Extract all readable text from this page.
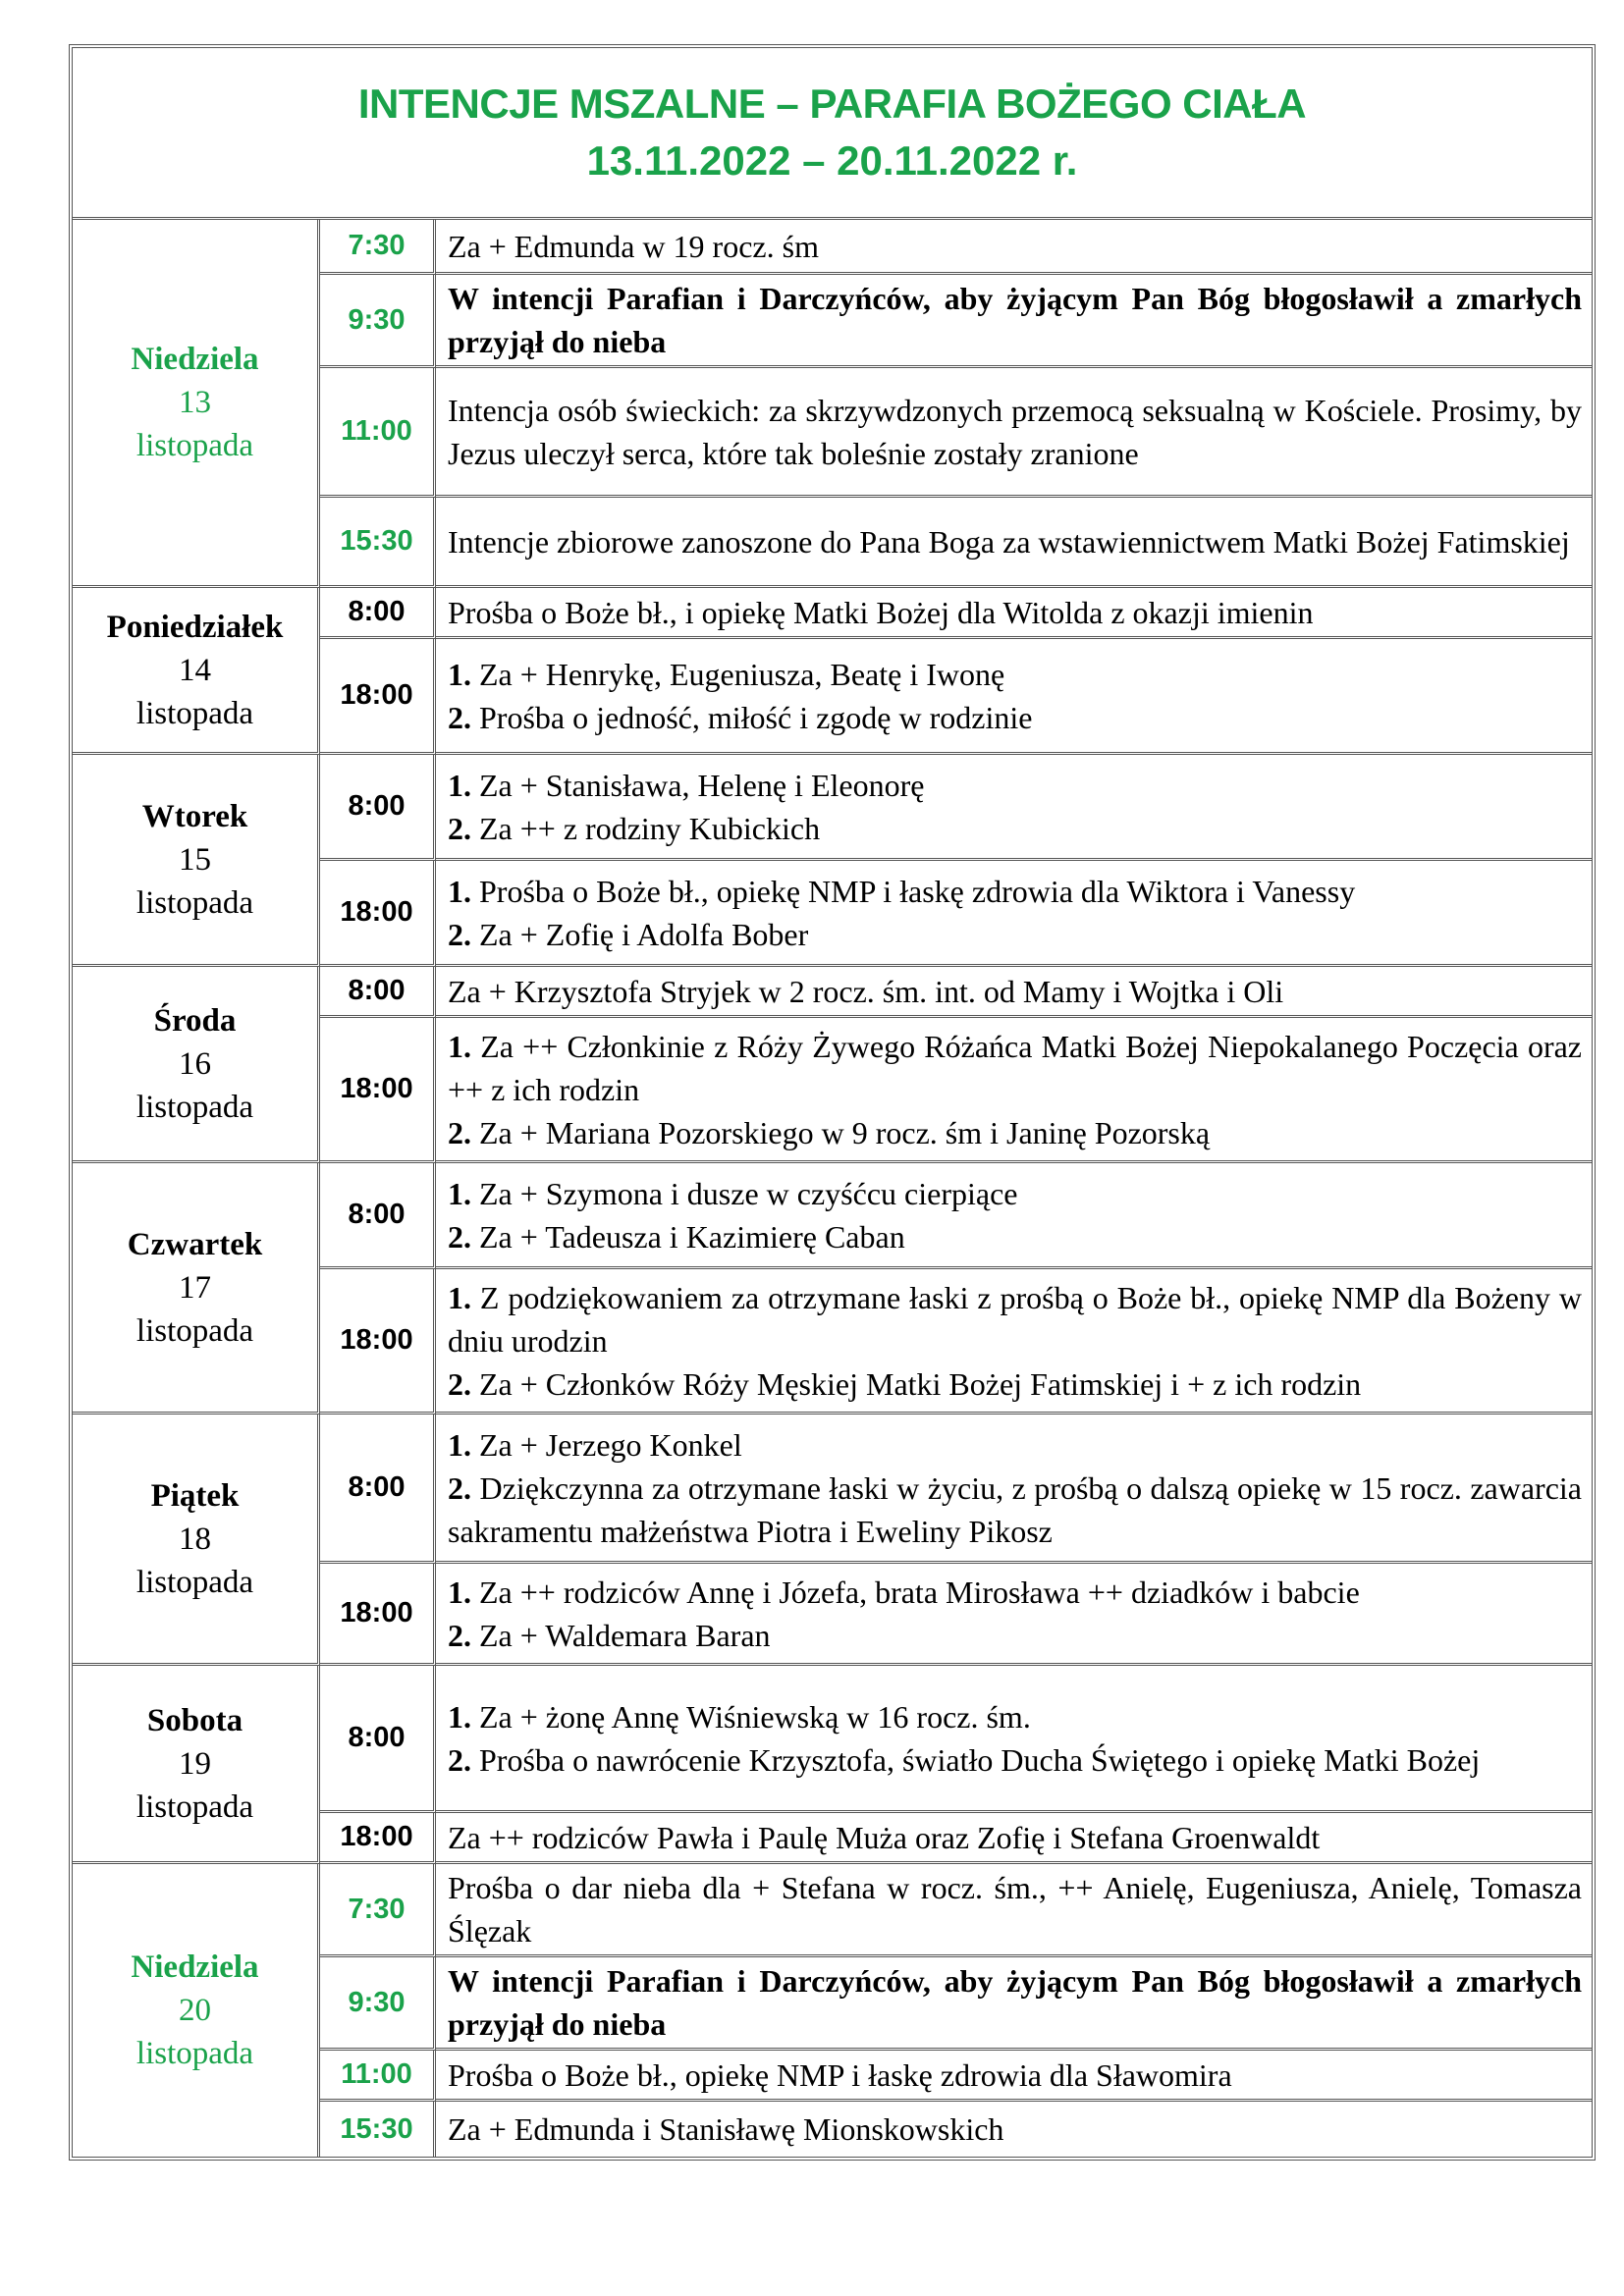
INTENCJE MSZALNE – PARAFIA BOŻEGO CIAŁA
13.11.2022 – 20.11.2022 r.
Niedziela
13
listopada	7:30	Za + Edmunda w 19 rocz. śm

	9:30	W intencji Parafian i Darczyńców, aby żyjącym Pan Bóg błogosławił a zmarłych przyjął do nieba

	11:00	Intencja osób świeckich: za skrzywdzonych przemocą seksualną w Kościele. Prosimy, by Jezus uleczył serca, które tak boleśnie zostały zranione

	15:30	Intencje zbiorowe zanoszone do Pana Boga za wstawiennictwem Matki Bożej Fatimskiej

Poniedziałek
14
listopada	8:00	Prośba o Boże bł., i opiekę Matki Bożej dla Witolda z okazji imienin

	18:00	1. Za + Henrykę, Eugeniusza, Beatę i Iwonę
2. Prośba o jedność, miłość i zgodę w rodzinie

Wtorek
15
listopada	8:00	1. Za + Stanisława, Helenę i Eleonorę
2. Za ++ z rodziny Kubickich

	18:00	1. Prośba o Boże bł., opiekę NMP i łaskę zdrowia dla Wiktora i Vanessy
2. Za + Zofię i Adolfa Bober

Środa
16
listopada	8:00	Za + Krzysztofa Stryjek w 2 rocz. śm. int. od Mamy i Wojtka i Oli

	18:00	1. Za ++ Członkinie z Róży Żywego Różańca Matki Bożej Niepokalanego Poczęcia oraz ++ z ich rodzin
2. Za + Mariana Pozorskiego w 9 rocz. śm i Janinę Pozorską

Czwartek
17
listopada	8:00	1. Za + Szymona i dusze w czyśćcu cierpiące
2. Za + Tadeusza i Kazimierę Caban

	18:00	1. Z podziękowaniem za otrzymane łaski z prośbą o Boże bł., opiekę NMP dla Bożeny w dniu urodzin
2. Za + Członków Róży Męskiej Matki Bożej Fatimskiej i + z ich rodzin

Piątek
18
listopada	8:00	1. Za + Jerzego Konkel
2. Dziękczynna za otrzymane łaski w życiu, z prośbą o dalszą opiekę w 15 rocz. zawarcia sakramentu małżeństwa Piotra i Eweliny Pikosz

	18:00	1. Za ++ rodziców Annę i Józefa, brata Mirosława ++ dziadków i babcie
2. Za + Waldemara Baran

Sobota
19
listopada	8:00	1. Za + żonę Annę Wiśniewską w 16 rocz. śm.
2. Prośba o nawrócenie Krzysztofa, światło Ducha Świętego i opiekę Matki Bożej

	18:00	Za ++ rodziców Pawła i Paulę Muża oraz Zofię i Stefana Groenwaldt

Niedziela
20
listopada	7:30	Prośba o dar nieba dla + Stefana w rocz. śm., ++ Anielę, Eugeniusza, Anielę, Tomasza Ślęzak

	9:30	W intencji Parafian i Darczyńców, aby żyjącym Pan Bóg błogosławił a zmarłych przyjął do nieba

	11:00	Prośba o Boże bł., opiekę NMP i łaskę zdrowia dla Sławomira

	15:30	Za + Edmunda i Stanisławę Mionskowskich
